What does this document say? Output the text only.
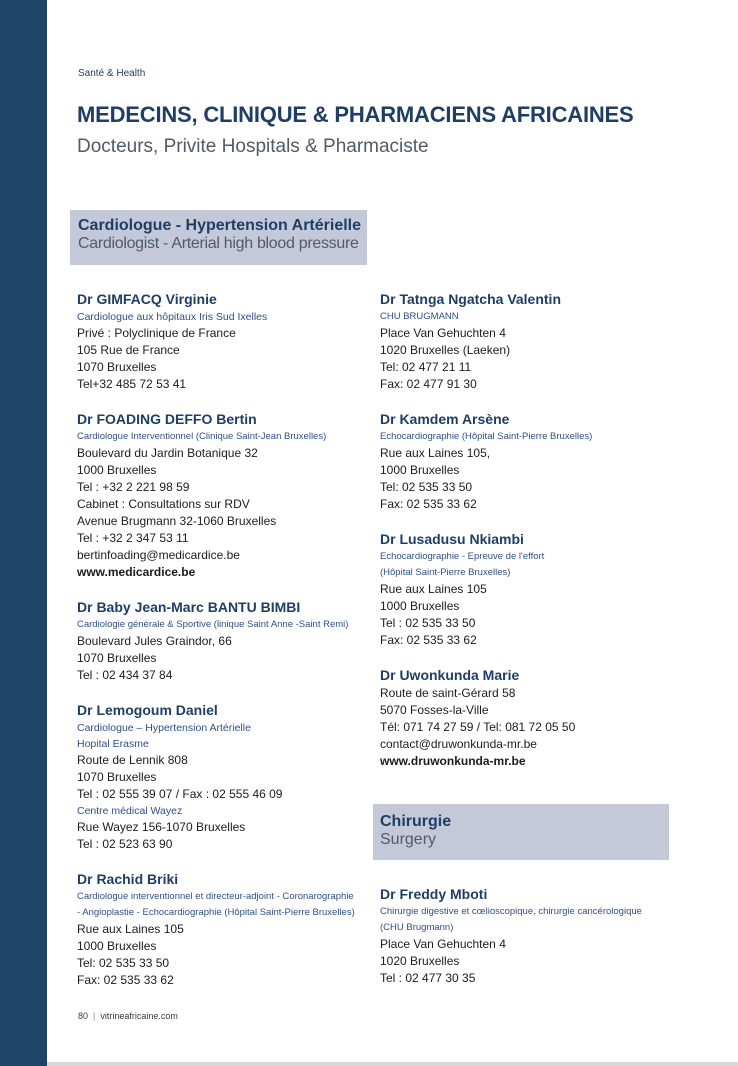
Santé & Health
MEDECINS, CLINIQUE & PHARMACIENS AFRICAINES
Docteurs, Privite Hospitals & Pharmaciste
Cardiologue - Hypertension Artérielle
Cardiologist - Arterial high blood pressure
Chirurgie
Surgery
Dr GIMFACQ Virginie
Cardiologue aux hôpitaux Iris Sud Ixelles
Privé : Polyclinique de France
105 Rue de France
1070 Bruxelles
Tel+32 485 72 53 41
Dr FOADING DEFFO Bertin
Cardiologue Interventionnel (Clinique Saint-Jean Bruxelles)
Boulevard du Jardin Botanique 32
1000 Bruxelles
Tel : +32 2 221 98 59
Cabinet : Consultations sur RDV
Avenue Brugmann 32-1060 Bruxelles
Tel : +32 2 347 53 11
bertinfoading@medicardice.be
www.medicardice.be
Dr Baby Jean-Marc BANTU BIMBI
Cardiologie générale & Sportive (linique Saint Anne -Saint Remi)
Boulevard Jules Graindor, 66
1070 Bruxelles
Tel : 02 434 37 84
Dr Lemogoum Daniel
Cardiologue – Hypertension Artérielle
Hopital Erasme
Route de Lennik 808
1070 Bruxelles
Tel : 02 555 39 07 / Fax : 02 555 46 09
Centre médical Wayez
Rue Wayez 156-1070 Bruxelles
Tel : 02 523 63 90
Dr Rachid Briki
Cardiologue interventionnel et directeur-adjoint - Coronarographie
- Angioplastie - Echocardiographie (Hôpital Saint-Pierre Bruxelles)
Rue aux Laines 105
1000 Bruxelles
Tel: 02 535 33 50
Fax: 02 535 33 62
Dr Tatnga Ngatcha Valentin
CHU BRUGMANN
Place Van Gehuchten 4
1020 Bruxelles (Laeken)
Tel: 02 477 21 11
Fax: 02 477 91 30
Dr Kamdem Arsène
Echocardiographie (Hôpital Saint-Pierre Bruxelles)
Rue aux Laines 105,
1000 Bruxelles
Tel: 02 535 33 50
Fax: 02 535 33 62
Dr Lusadusu Nkiambi
Echocardiographie - Epreuve de l'effort
(Hôpital Saint-Pierre Bruxelles)
Rue aux Laines 105
1000 Bruxelles
Tel : 02 535 33 50
Fax: 02 535 33 62
Dr Uwonkunda Marie
Route de saint-Gérard 58
5070 Fosses-la-Ville
Tél: 071 74 27 59 / Tel: 081 72 05 50
contact@druwonkunda-mr.be
www.druwonkunda-mr.be
Dr Freddy Mboti
Chirurgie digestive et cœlioscopique, chirurgie cancérologique
(CHU Brugmann)
Place Van Gehuchten 4
1020 Bruxelles
Tel : 02 477 30 35
80 | vitrineafricaine.com
